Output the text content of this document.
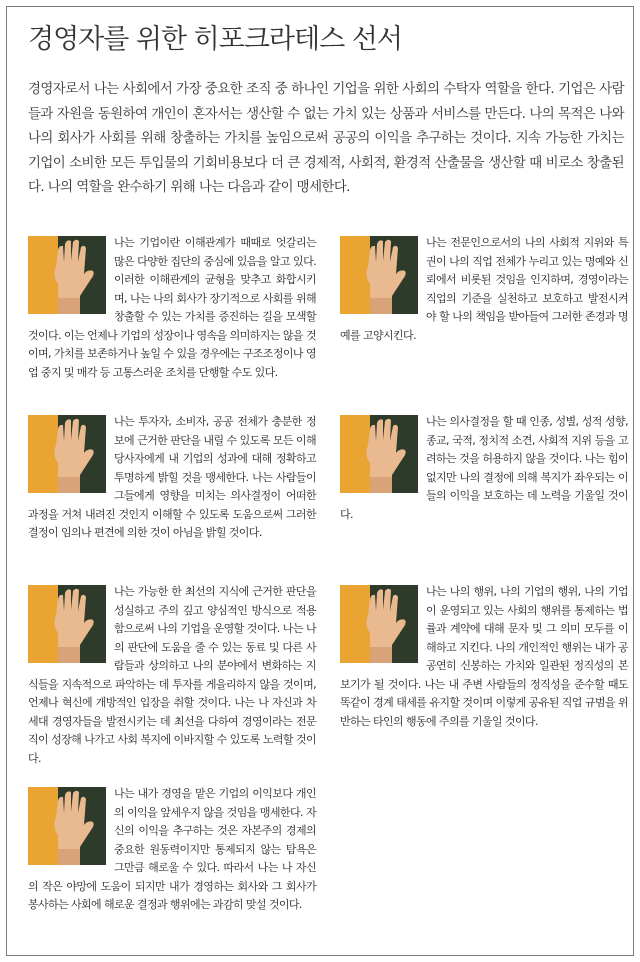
경영자를 위한 히포크라테스 선서

경영자로서 나는 사회에서 가장 중요한 조직 중 하나인 기업을 위한 사회의 수탁자 역할을 한다. 기업은 사람들과 자원을 동원하여 개인이 혼자서는 생산할 수 없는 가치 있는 상품과 서비스를 만든다. 나의 목적은 나와 나의 회사가 사회를 위해 창출하는 가치를 높임으로써 공공의 이익을 추구하는 것이다. 지속 가능한 가치는 기업이 소비한 모든 투입물의 기회비용보다 더 큰 경제적, 사회적, 환경적 산출물을 생산할 때 비로소 창출된다. 나의 역할을 완수하기 위해 나는 다음과 같이 맹세한다.

나는 기업이란 이해관계가 때때로 엇갈리는 많은 다양한 집단의 중심에 있음을 알고 있다. 이러한 이해관계의 균형을 맞추고 화합시키며, 나는 나의 회사가 장기적으로 사회를 위해 창출할 수 있는 가치를 증진하는 길을 모색할 것이다. 이는 언제나 기업의 성장이나 영속을 의미하지는 않을 것이며, 가치를 보존하거나 높일 수 있을 경우에는 구조조정이나 영업 중지 및 매각 등 고통스러운 조치를 단행할 수도 있다.
나는 전문인으로서의 나의 사회적 지위와 특권이 나의 직업 전체가 누리고 있는 명예와 신뢰에서 비롯된 것임을 인지하며, 경영이라는 직업의 기준을 실천하고 보호하고 발전시켜야 할 나의 책임을 받아들여 그러한 존경과 명예를 고양시킨다.
나는 투자자, 소비자, 공공 전체가 충분한 정보에 근거한 판단을 내릴 수 있도록 모든 이해당사자에게 내 기업의 성과에 대해 정확하고 투명하게 밝힐 것을 맹세한다. 나는 사람들이 그들에게 영향을 미치는 의사결정이 어떠한 과정을 거쳐 내려진 것인지 이해할 수 있도록 도움으로써 그러한 결정이 임의나 편견에 의한 것이 아님을 밝힐 것이다.
나는 의사결정을 할 때 인종, 성별, 성적 성향, 종교, 국적, 정치적 소견, 사회적 지위 등을 고려하는 것을 허용하지 않을 것이다. 나는 힘이 없지만 나의 결정에 의해 복지가 좌우되는 이들의 이익을 보호하는 데 노력을 기울일 것이다.
나는 가능한 한 최선의 지식에 근거한 판단을 성실하고 주의 깊고 양심적인 방식으로 적용함으로써 나의 기업을 운영할 것이다. 나는 나의 판단에 도움을 줄 수 있는 동료 및 다른 사람들과 상의하고 나의 분야에서 변화하는 지식들을 지속적으로 파악하는 데 투자를 게을리하지 않을 것이며, 언제나 혁신에 개방적인 입장을 취할 것이다. 나는 나 자신과 차세대 경영자들을 발전시키는 데 최선을 다하여 경영이라는 전문직이 성장해 나가고 사회 복지에 이바지할 수 있도록 노력할 것이다.
나는 나의 행위, 나의 기업의 행위, 나의 기업이 운영되고 있는 사회의 행위를 통제하는 법률과 계약에 대해 문자 및 그 의미 모두를 이해하고 지킨다. 나의 개인적인 행위는 내가 공공연히 신봉하는 가치와 일관된 정직성의 본보기가 될 것이다. 나는 내 주변 사람들의 정직성을 준수할 때도 똑같이 경계 태세를 유지할 것이며 이렇게 공유된 직업 규범을 위반하는 타인의 행동에 주의를 기울일 것이다.
나는 내가 경영을 맡은 기업의 이익보다 개인의 이익을 앞세우지 않을 것임을 맹세한다. 자신의 이익을 추구하는 것은 자본주의 경제의 중요한 원동력이지만 통제되지 않는 탐욕은 그만큼 해로울 수 있다. 따라서 나는 나 자신의 작은 야망에 도움이 되지만 내가 경영하는 회사와 그 회사가 봉사하는 사회에 해로운 결정과 행위에는 과감히 맞설 것이다.
